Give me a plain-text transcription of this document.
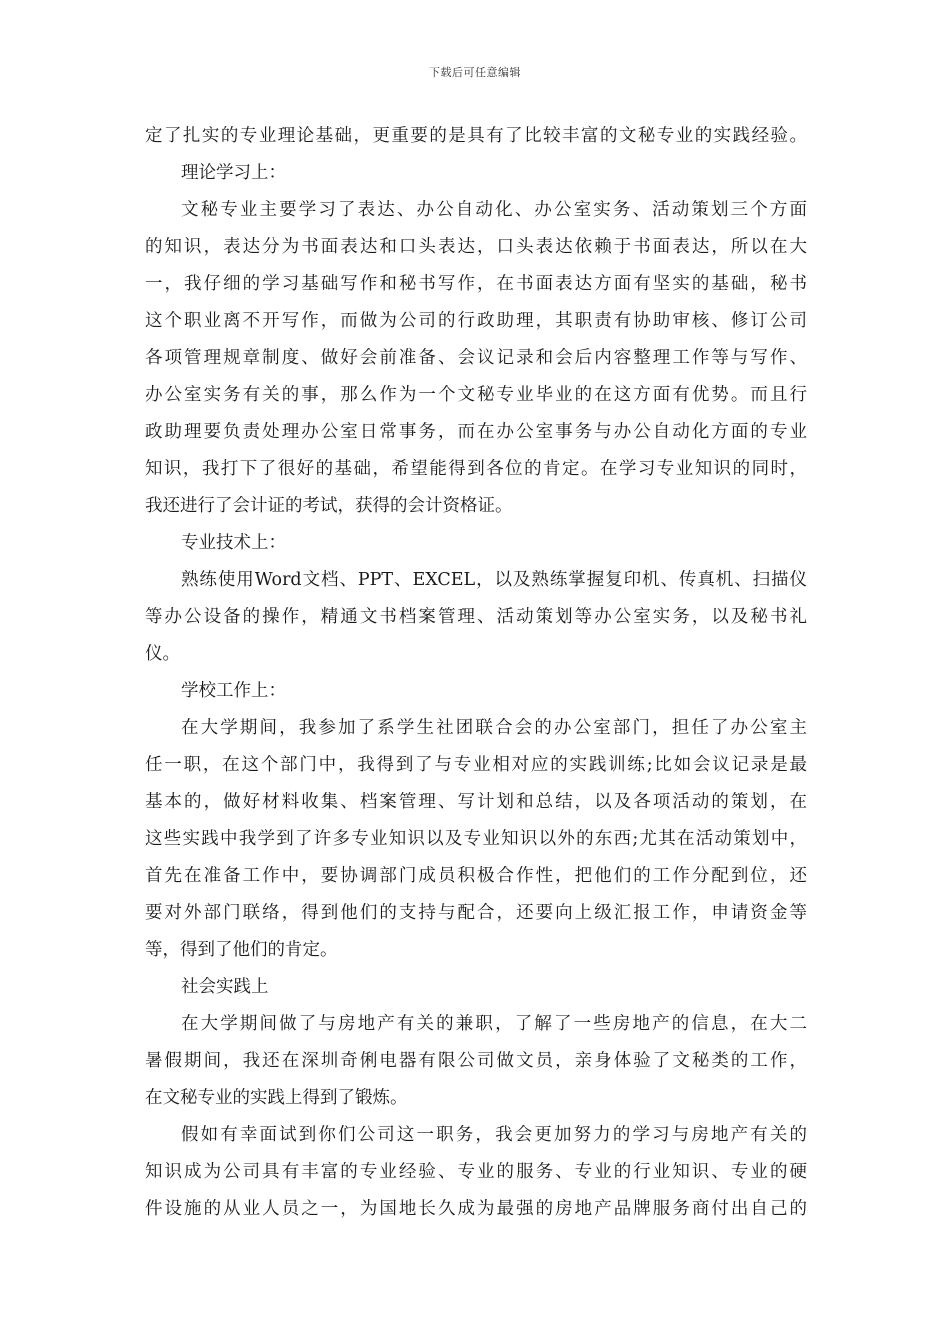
下载后可任意编辑
定了扎实的专业理论基础，更重要的是具有了比较丰富的文秘专业的实践经验。
理论学习上：
文秘专业主要学习了表达、办公自动化、办公室实务、活动策划三个方面
的知识，表达分为书面表达和口头表达，口头表达依赖于书面表达，所以在大
一，我仔细的学习基础写作和秘书写作，在书面表达方面有坚实的基础，秘书
这个职业离不开写作，而做为公司的行政助理，其职责有协助审核、修订公司
各项管理规章制度、做好会前准备、会议记录和会后内容整理工作等与写作、
办公室实务有关的事，那么作为一个文秘专业毕业的在这方面有优势。而且行
政助理要负责处理办公室日常事务，而在办公室事务与办公自动化方面的专业
知识，我打下了很好的基础，希望能得到各位的肯定。在学习专业知识的同时，
我还进行了会计证的考试，获得的会计资格证。
专业技术上：
熟练使用Word文档、PPT、EXCEL，以及熟练掌握复印机、传真机、扫描仪
等办公设备的操作，精通文书档案管理、活动策划等办公室实务，以及秘书礼
仪。
学校工作上：
在大学期间，我参加了系学生社团联合会的办公室部门，担任了办公室主
任一职，在这个部门中，我得到了与专业相对应的实践训练;比如会议记录是最
基本的，做好材料收集、档案管理、写计划和总结，以及各项活动的策划，在
这些实践中我学到了许多专业知识以及专业知识以外的东西;尤其在活动策划中，
首先在准备工作中，要协调部门成员积极合作性，把他们的工作分配到位，还
要对外部门联络，得到他们的支持与配合，还要向上级汇报工作，申请资金等
等，得到了他们的肯定。
社会实践上
在大学期间做了与房地产有关的兼职，了解了一些房地产的信息，在大二
暑假期间，我还在深圳奇俐电器有限公司做文员，亲身体验了文秘类的工作，
在文秘专业的实践上得到了锻炼。
假如有幸面试到你们公司这一职务，我会更加努力的学习与房地产有关的
知识成为公司具有丰富的专业经验、专业的服务、专业的行业知识、专业的硬
件设施的从业人员之一，为国地长久成为最强的房地产品牌服务商付出自己的
